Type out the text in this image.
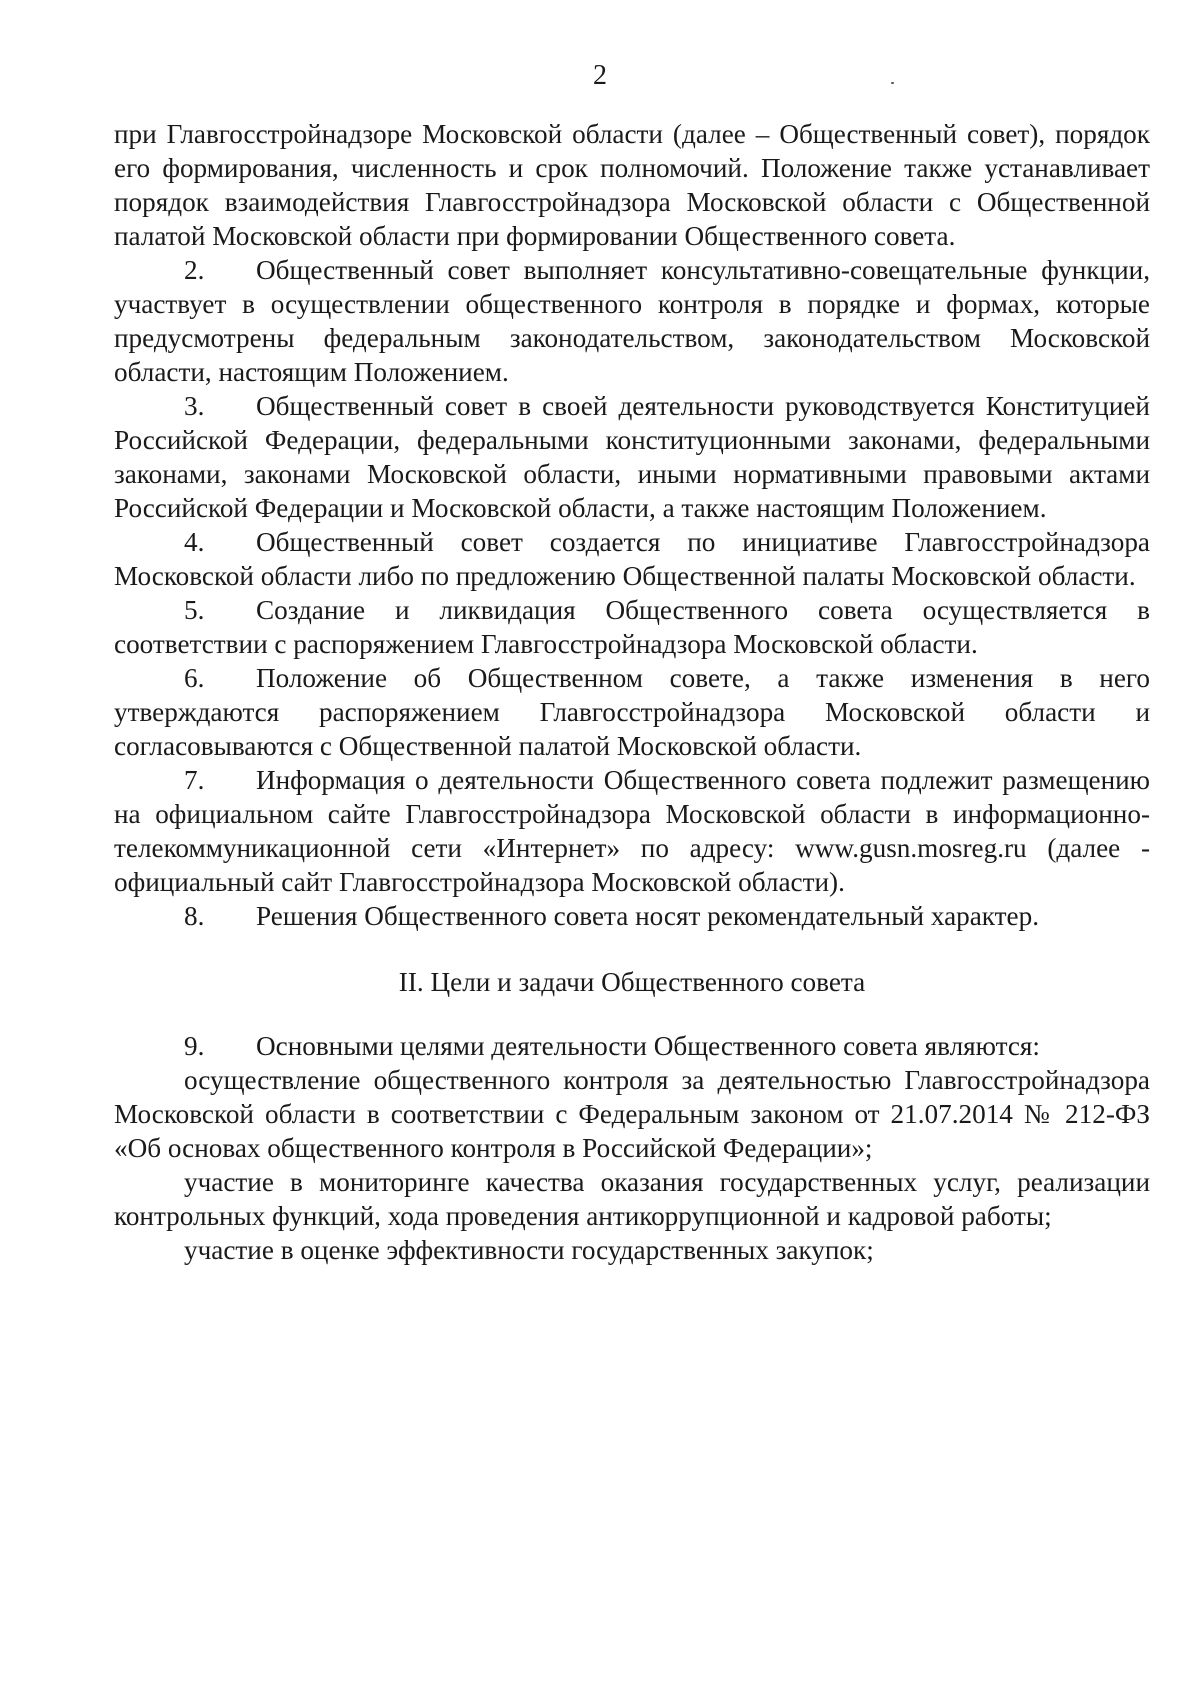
2

при Главгосстройнадзоре Московской области (далее – Общественный совет), порядок его формирования, численность и срок полномочий. Положение также устанавливает порядок взаимодействия Главгосстройнадзора Московской области с Общественной палатой Московской области при формировании Общественного совета.

2. Общественный совет выполняет консультативно-совещательные функции, участвует в осуществлении общественного контроля в порядке и формах, которые предусмотрены федеральным законодательством, законодательством Московской области, настоящим Положением.

3. Общественный совет в своей деятельности руководствуется Конституцией Российской Федерации, федеральными конституционными законами, федеральными законами, законами Московской области, иными нормативными правовыми актами Российской Федерации и Московской области, а также настоящим Положением.

4. Общественный совет создается по инициативе Главгосстройнадзора Московской области либо по предложению Общественной палаты Московской области.

5. Создание и ликвидация Общественного совета осуществляется в соответствии с распоряжением Главгосстройнадзора Московской области.

6. Положение об Общественном совете, а также изменения в него утверждаются распоряжением Главгосстройнадзора Московской области и согласовываются с Общественной палатой Московской области.

7. Информация о деятельности Общественного совета подлежит размещению на официальном сайте Главгосстройнадзора Московской области в информационно-телекоммуникационной сети «Интернет» по адресу: www.gusn.mosreg.ru (далее - официальный сайт Главгосстройнадзора Московской области).

8. Решения Общественного совета носят рекомендательный характер.

II. Цели и задачи Общественного совета

9. Основными целями деятельности Общественного совета являются:

осуществление общественного контроля за деятельностью Главгосстройнадзора Московской области в соответствии с Федеральным законом от 21.07.2014 № 212-ФЗ «Об основах общественного контроля в Российской Федерации»;

участие в мониторинге качества оказания государственных услуг, реализации контрольных функций, хода проведения антикоррупционной и кадровой работы;

участие в оценке эффективности государственных закупок;
